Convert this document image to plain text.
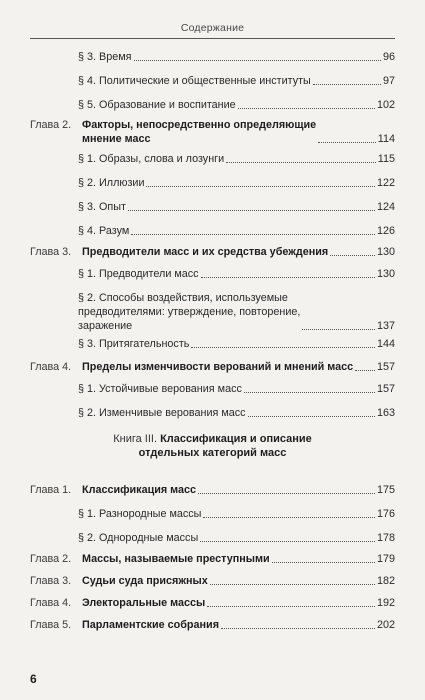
Содержание
§ 3. Время	96
§ 4. Политические и общественные институты	97
§ 5. Образование и воспитание	102
Глава 2. Факторы, непосредственно определяющие
мнение масс	114
§ 1. Образы, слова и лозунги	115
§ 2. Иллюзии	122
§ 3. Опыт	124
§ 4. Разум	126
Глава 3. Предводители масс и их средства убеждения	130
§ 1. Предводители масс	130
§ 2. Способы воздействия, используемые
предводителями: утверждение, повторение,
заражение	137
§ 3. Притягательность	144
Глава 4. Пределы изменчивости верований и мнений масс 157
§ 1. Устойчивые верования масс	157
§ 2. Изменчивые верования масс	163
Глава 1. Классификация масс	175
§ 1. Разнородные массы	176
§ 2. Однородные массы	178
Глава 2. Массы, называемые преступными	179
Глава 3. Судьи суда присяжных	182
Глава 4. Электоральные массы	192
Глава 5. Парламентские собрания	202
Книга III. Классификация и описание
отдельных категорий масс
6
